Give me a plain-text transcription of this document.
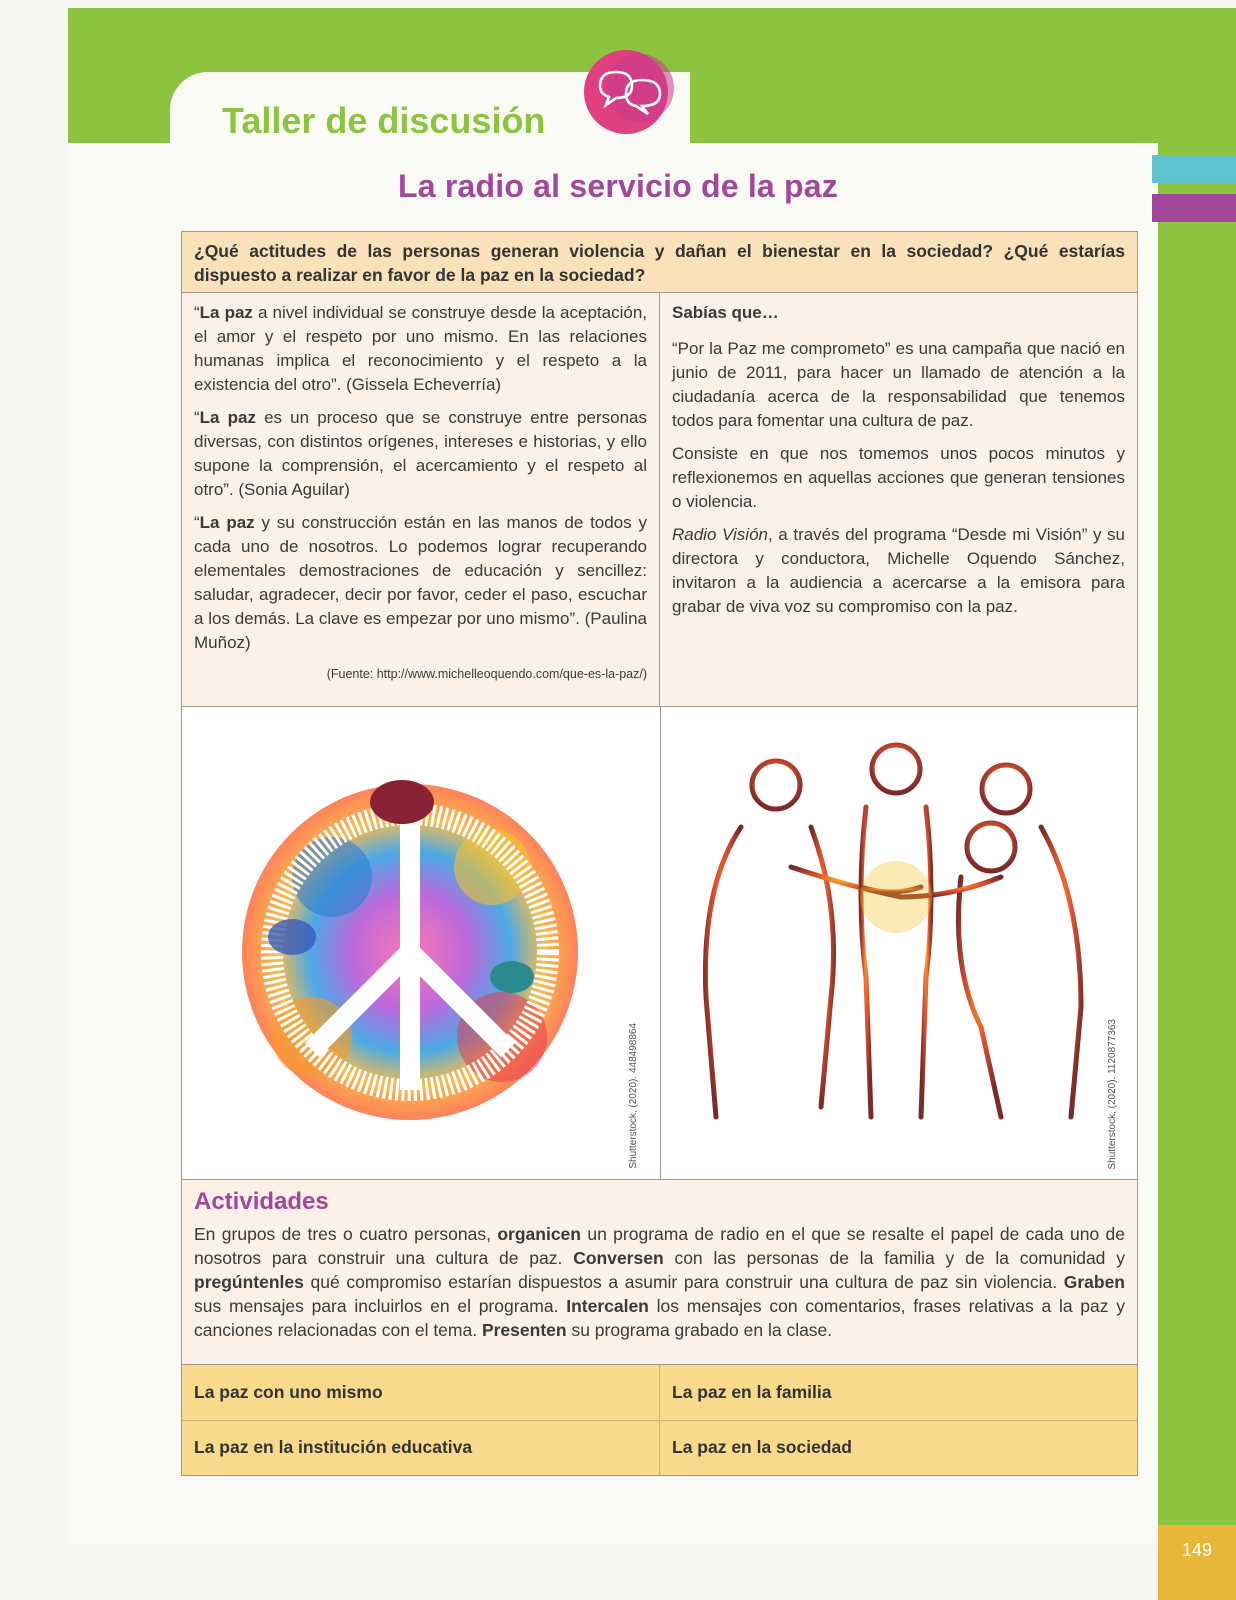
Taller de discusión
La radio al servicio de la paz
¿Qué actitudes de las personas generan violencia y dañan el bienestar en la sociedad? ¿Qué estarías dispuesto a realizar en favor de la paz en la sociedad?

“La paz a nivel individual se construye desde la aceptación, el amor y el respeto por uno mismo. En las relaciones humanas implica el reconocimiento y el respeto a la existencia del otro”. (Gissela Echeverría)

“La paz es un proceso que se construye entre personas diversas, con distintos orígenes, intereses e historias, y ello supone la comprensión, el acercamiento y el respeto al otro”. (Sonia Aguilar)

“La paz y su construcción están en las manos de todos y cada uno de nosotros. Lo podemos lograr recuperando elementales demostraciones de educación y sencillez: saludar, agradecer, decir por favor, ceder el paso, escuchar a los demás. La clave es empezar por uno mismo”. (Paulina Muñoz)

(Fuente: http://www.michelleoquendo.com/que-es-la-paz/)

Sabías que…

“Por la Paz me comprometo” es una campaña que nació en junio de 2011, para hacer un llamado de atención a la ciudadanía acerca de la responsabilidad que tenemos todos para fomentar una cultura de paz.

Consiste en que nos tomemos unos pocos minutos y reflexionemos en aquellas acciones que generan tensiones o violencia.

Radio Visión, a través del programa “Desde mi Visión” y su directora y conductora, Michelle Oquendo Sánchez, invitaron a la audiencia a acercarse a la emisora para grabar de viva voz su compromiso con la paz.

Shutterstock, (2020). 448498864	Shutterstock, (2020). 1120877363
Actividades

En grupos de tres o cuatro personas, organicen un programa de radio en el que se resalte el papel de cada uno de nosotros para construir una cultura de paz. Conversen con las personas de la familia y de la comunidad y pregúntenles qué compromiso estarían dispuestos a asumir para construir una cultura de paz sin violencia. Graben sus mensajes para incluirlos en el programa. Intercalen los mensajes con comentarios, frases relativas a la paz y canciones relacionadas con el tema. Presenten su programa grabado en la clase.

La paz con uno mismo	La paz en la familia
La paz en la institución educativa	La paz en la sociedad
149
